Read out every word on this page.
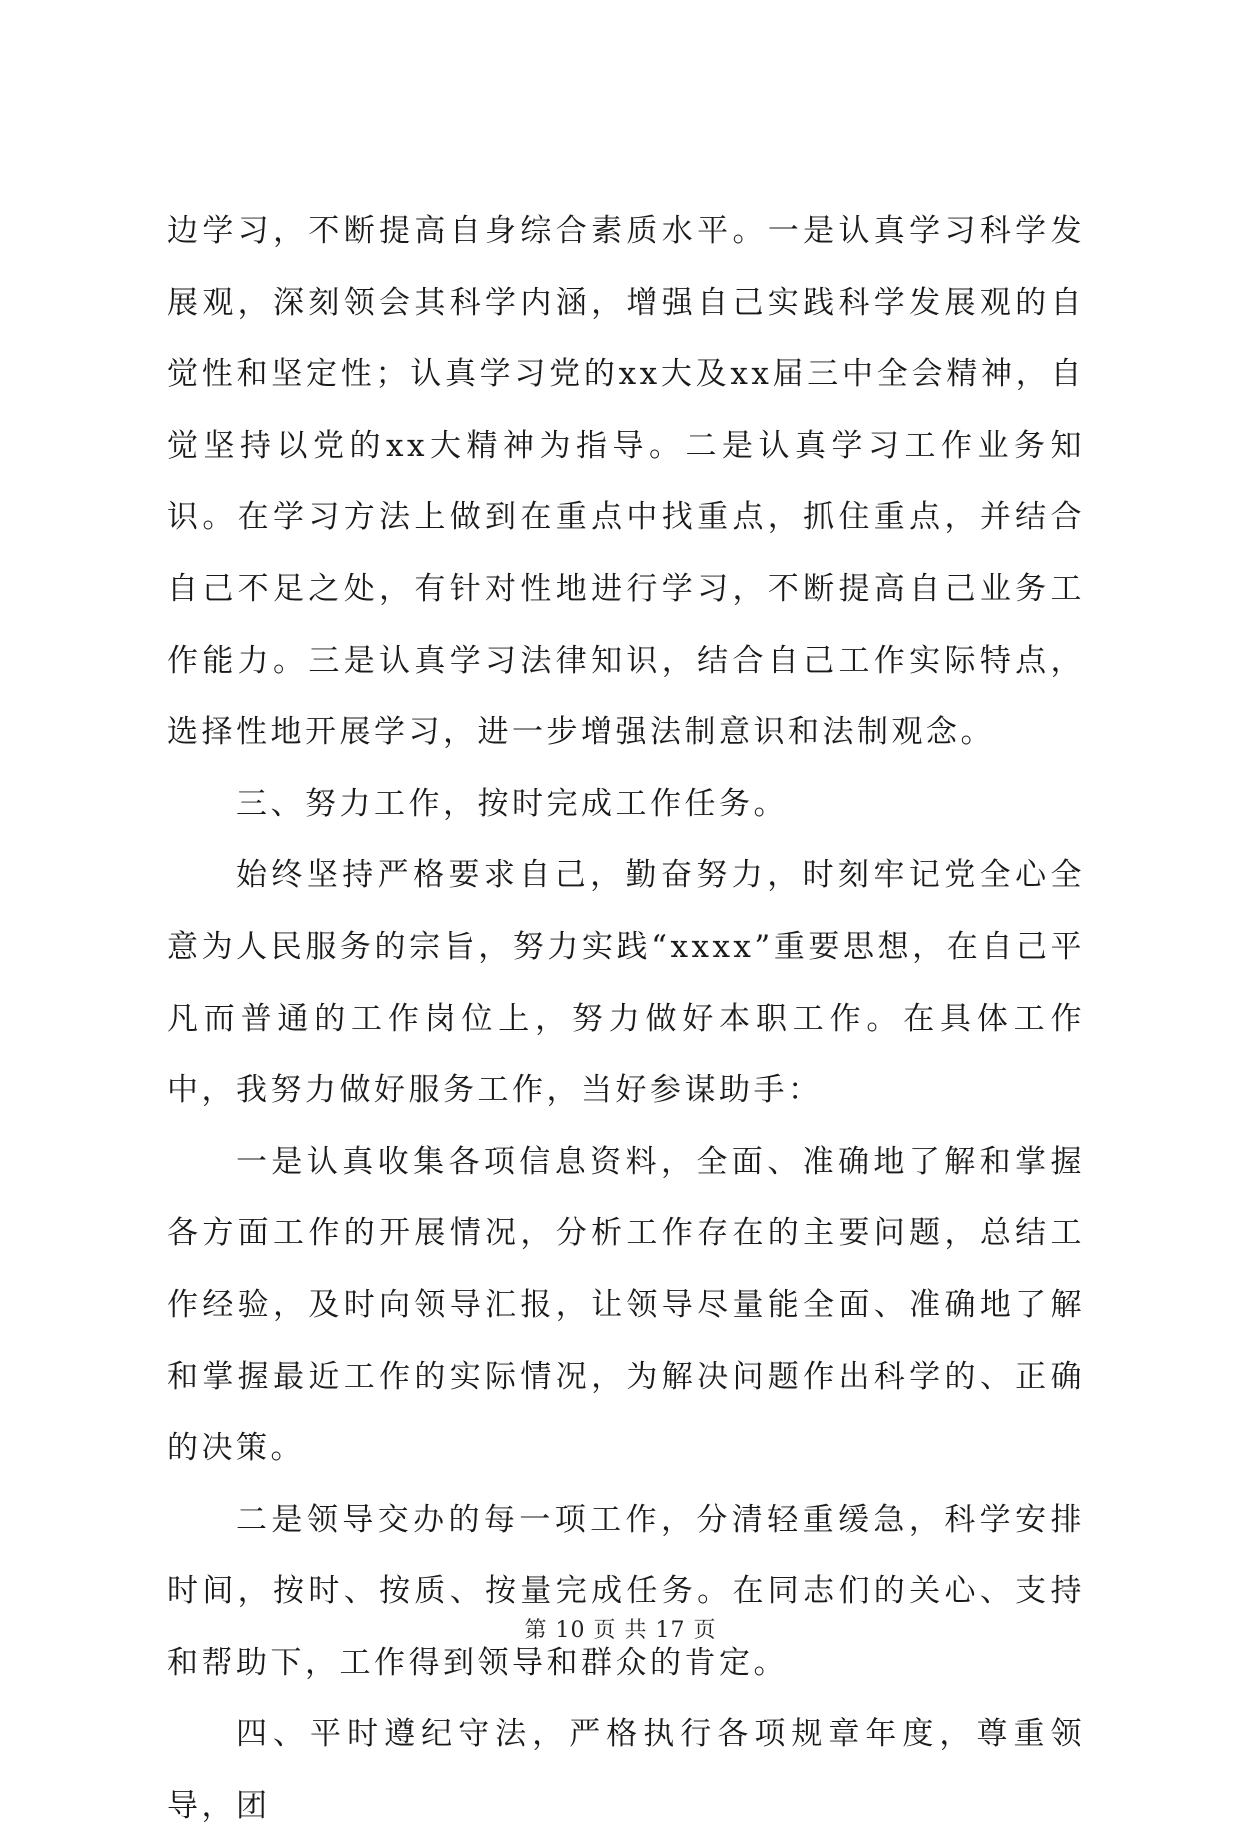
边学习，不断提高自身综合素质水平。一是认真学习科学发展观，深刻领会其科学内涵，增强自己实践科学发展观的自觉性和坚定性；认真学习党的xx大及xx届三中全会精神，自觉坚持以党的xx大精神为指导。二是认真学习工作业务知识。在学习方法上做到在重点中找重点，抓住重点，并结合自己不足之处，有针对性地进行学习，不断提高自己业务工作能力。三是认真学习法律知识，结合自己工作实际特点，选择性地开展学习，进一步增强法制意识和法制观念。

三、努力工作，按时完成工作任务。

始终坚持严格要求自己，勤奋努力，时刻牢记党全心全意为人民服务的宗旨，努力实践“xxxx”重要思想，在自己平凡而普通的工作岗位上，努力做好本职工作。在具体工作中，我努力做好服务工作，当好参谋助手：

一是认真收集各项信息资料，全面、准确地了解和掌握各方面工作的开展情况，分析工作存在的主要问题，总结工作经验，及时向领导汇报，让领导尽量能全面、准确地了解和掌握最近工作的实际情况，为解决问题作出科学的、正确的决策。

二是领导交办的每一项工作，分清轻重缓急，科学安排时间，按时、按质、按量完成任务。在同志们的关心、支持和帮助下，工作得到领导和群众的肯定。

四、平时遵纪守法，严格执行各项规章年度，尊重领导，团

第 10 页 共 17 页
